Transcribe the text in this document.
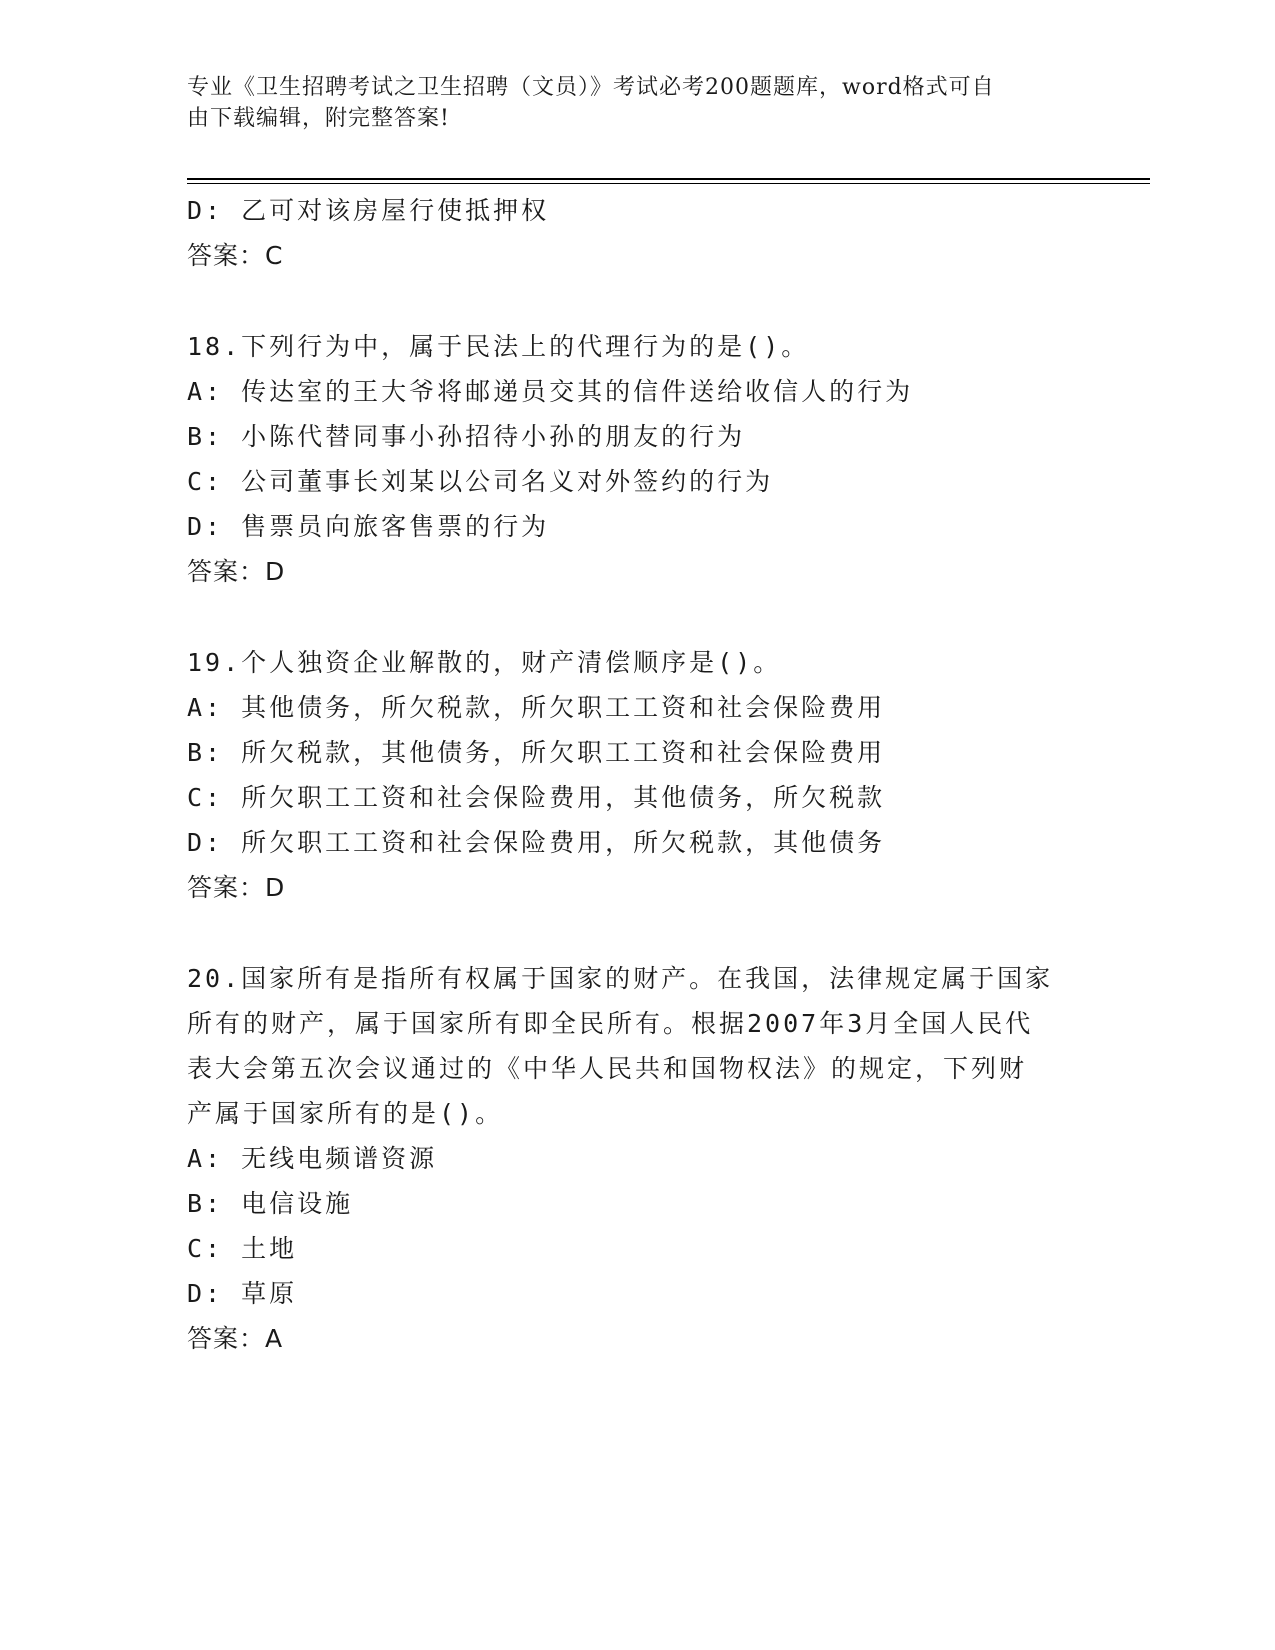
专业《卫生招聘考试之卫生招聘（文员）》考试必考200题题库，word格式可自
由下载编辑，附完整答案!
D: 乙可对该房屋行使抵押权
答案：C
18.下列行为中，属于民法上的代理行为的是()。
A: 传达室的王大爷将邮递员交其的信件送给收信人的行为
B: 小陈代替同事小孙招待小孙的朋友的行为
C: 公司董事长刘某以公司名义对外签约的行为
D: 售票员向旅客售票的行为
答案：D
19.个人独资企业解散的，财产清偿顺序是()。
A: 其他债务，所欠税款，所欠职工工资和社会保险费用
B: 所欠税款，其他债务，所欠职工工资和社会保险费用
C: 所欠职工工资和社会保险费用，其他债务，所欠税款
D: 所欠职工工资和社会保险费用，所欠税款，其他债务
答案：D
20.国家所有是指所有权属于国家的财产。在我国，法律规定属于国家
所有的财产，属于国家所有即全民所有。根据2007年3月全国人民代
表大会第五次会议通过的《中华人民共和国物权法》的规定，下列财
产属于国家所有的是()。
A: 无线电频谱资源
B: 电信设施
C: 土地
D: 草原
答案：A
